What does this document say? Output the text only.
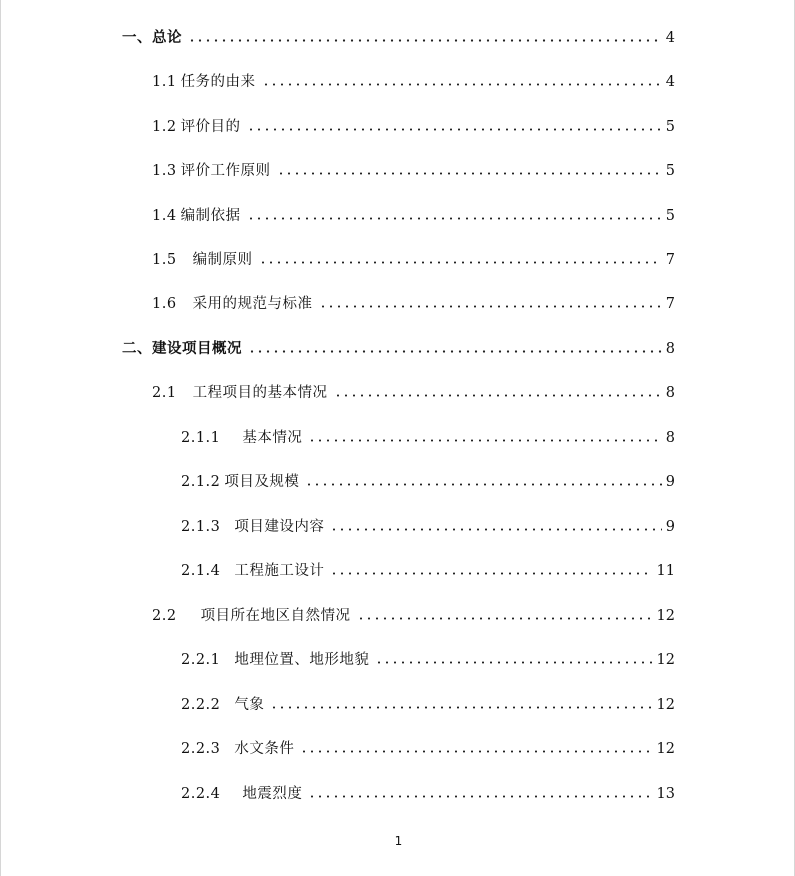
一、 总论	4
1.1 任务的由来	4
1.2 评价目的	5
1.3 评价工作原则	5
1.4 编制依据	5
1.5 编制原则	7
1.6 采用的规范与标准	7
二、 建设项目概况	8
2.1 工程项目的基本情况	8
2.1.1 基本情况	8
2.1.2 项目及规模	9
2.1.3 项目建设内容	9
2.1.4 工程施工设计	11
2.2 项目所在地区自然情况	12
2.2.1 地理位置、地形地貌	12
2.2.2 气象	12
2.2.3 水文条件	12
2.2.4 地震烈度	13
1
